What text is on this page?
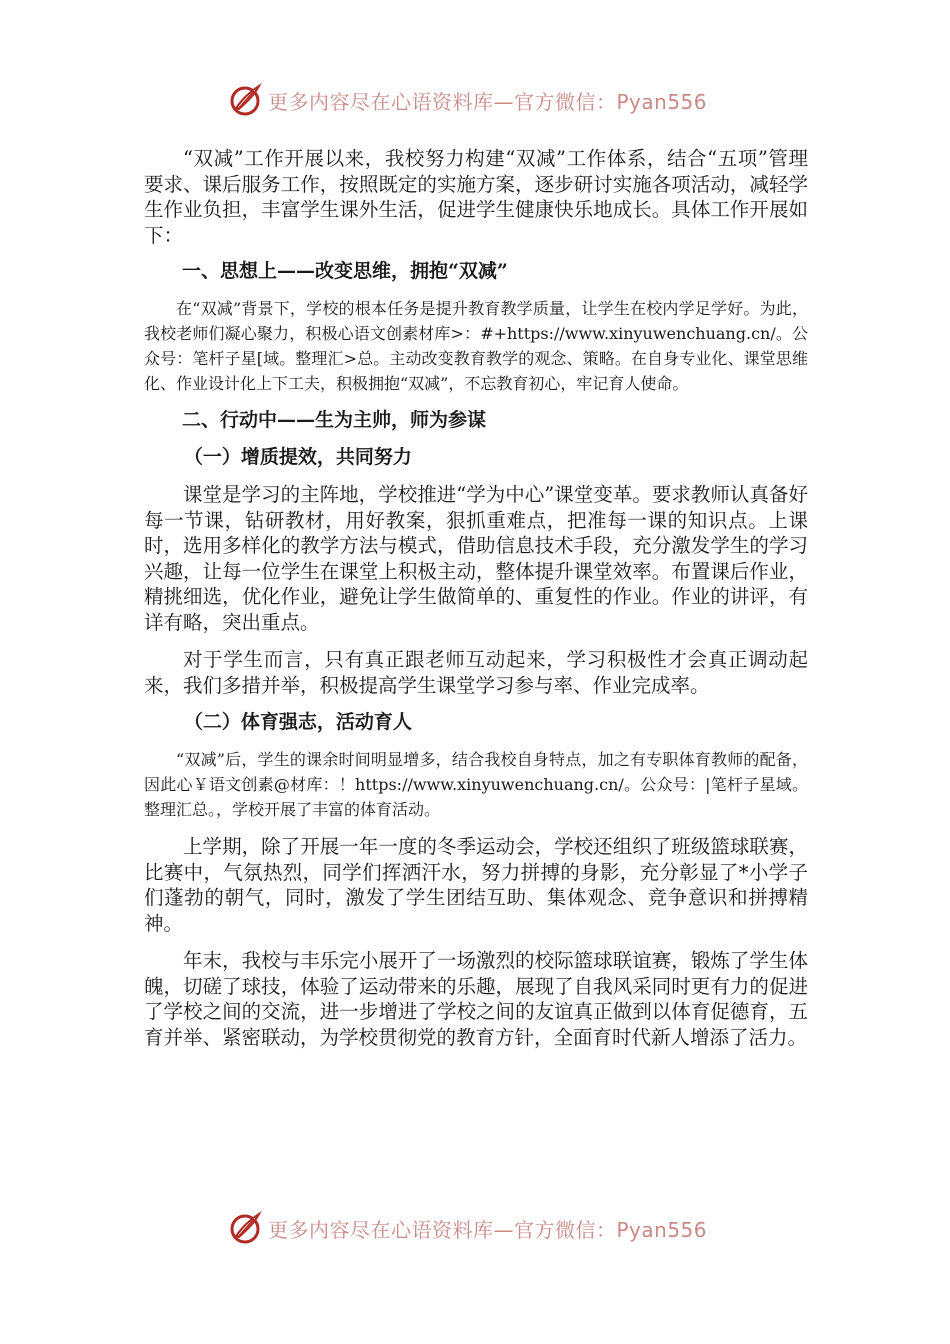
更多内容尽在心语资料库—官方微信：Pyan556

“双减”工作开展以来，我校努力构建“双减”工作体系，结合“五项”管理要求、课后服务工作，按照既定的实施方案，逐步研讨实施各项活动，减轻学生作业负担，丰富学生课外生活，促进学生健康快乐地成长。具体工作开展如下：

一、思想上——改变思维，拥抱“双减”

在“双减”背景下，学校的根本任务是提升教育教学质量，让学生在校内学足学好。为此，我校老师们凝心聚力，积极心语文创素材库>：#+https://www.xinyuwenchuang.cn/。公众号：笔杆子星[域。整理汇>总。主动改变教育教学的观念、策略。在自身专业化、课堂思维化、作业设计化上下工夫，积极拥抱“双减”，不忘教育初心，牢记育人使命。

二、行动中——生为主帅，师为参谋

（一）增质提效，共同努力

课堂是学习的主阵地，学校推进“学为中心”课堂变革。要求教师认真备好每一节课，钻研教材，用好教案，狠抓重难点，把准每一课的知识点。上课时，选用多样化的教学方法与模式，借助信息技术手段，充分激发学生的学习兴趣，让每一位学生在课堂上积极主动，整体提升课堂效率。布置课后作业，精挑细选，优化作业，避免让学生做简单的、重复性的作业。作业的讲评，有详有略，突出重点。

对于学生而言，只有真正跟老师互动起来，学习积极性才会真正调动起来，我们多措并举，积极提高学生课堂学习参与率、作业完成率。

（二）体育强志，活动育人

“双减”后，学生的课余时间明显增多，结合我校自身特点，加之有专职体育教师的配备，因此心￥语文创素@材库：！https://www.xinyuwenchuang.cn/。公众号：|笔杆子星域。整理汇总。，学校开展了丰富的体育活动。

上学期，除了开展一年一度的冬季运动会，学校还组织了班级篮球联赛，比赛中，气氛热烈，同学们挥洒汗水，努力拼搏的身影，充分彰显了*小学子们蓬勃的朝气，同时，激发了学生团结互助、集体观念、竞争意识和拼搏精神。

年末，我校与丰乐完小展开了一场激烈的校际篮球联谊赛，锻炼了学生体魄，切磋了球技，体验了运动带来的乐趣，展现了自我风采同时更有力的促进了学校之间的交流，进一步增进了学校之间的友谊真正做到以体育促德育，五育并举、紧密联动，为学校贯彻党的教育方针，全面育时代新人增添了活力。

更多内容尽在心语资料库—官方微信：Pyan556
